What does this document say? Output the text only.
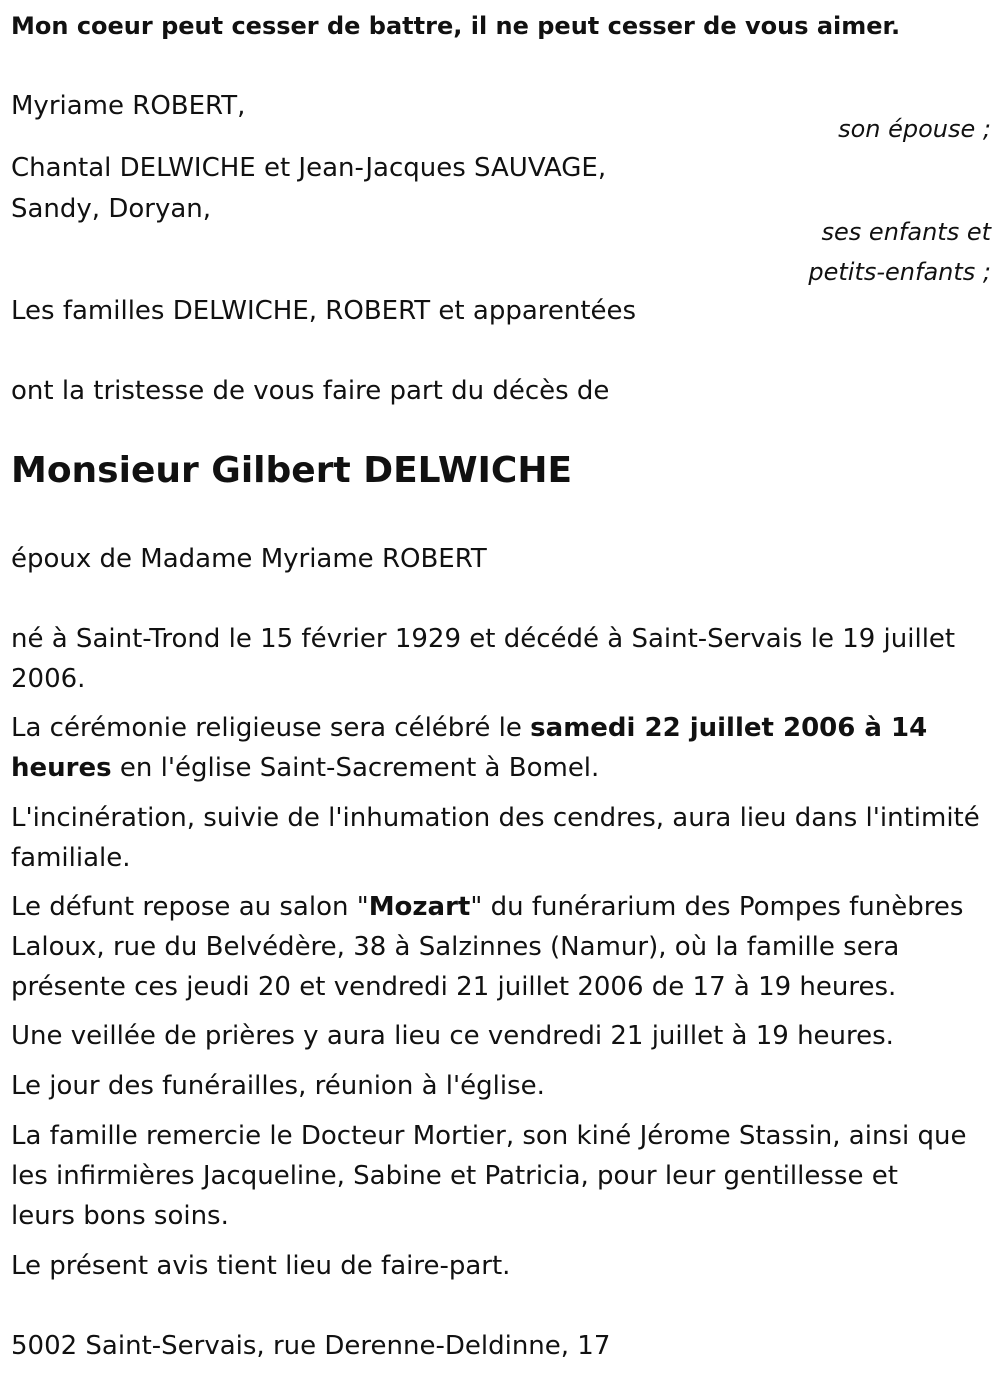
Mon coeur peut cesser de battre, il ne peut cesser de vous aimer.

Myriame ROBERT,

son épouse ;

Chantal DELWICHE et Jean-Jacques SAUVAGE,

Sandy, Doryan,

ses enfants et

petits-enfants ;

Les familles DELWICHE, ROBERT et apparentées

ont la tristesse de vous faire part du décès de

Monsieur Gilbert DELWICHE

époux de Madame Myriame ROBERT

né à Saint-Trond le 15 février 1929 et décédé à Saint-Servais le 19 juillet

2006.

La cérémonie religieuse sera célébré le samedi 22 juillet 2006 à 14

heures en l'église Saint-Sacrement à Bomel.

L'incinération, suivie de l'inhumation des cendres, aura lieu dans l'intimité

familiale.

Le défunt repose au salon "Mozart" du funérarium des Pompes funèbres

Laloux, rue du Belvédère, 38 à Salzinnes (Namur), où la famille sera

présente ces jeudi 20 et vendredi 21 juillet 2006 de 17 à 19 heures.

Une veillée de prières y aura lieu ce vendredi 21 juillet à 19 heures.

Le jour des funérailles, réunion à l'église.

La famille remercie le Docteur Mortier, son kiné Jérome Stassin, ainsi que

les infirmières Jacqueline, Sabine et Patricia, pour leur gentillesse et

leurs bons soins.

Le présent avis tient lieu de faire-part.

5002 Saint-Servais, rue Derenne-Deldinne, 17
